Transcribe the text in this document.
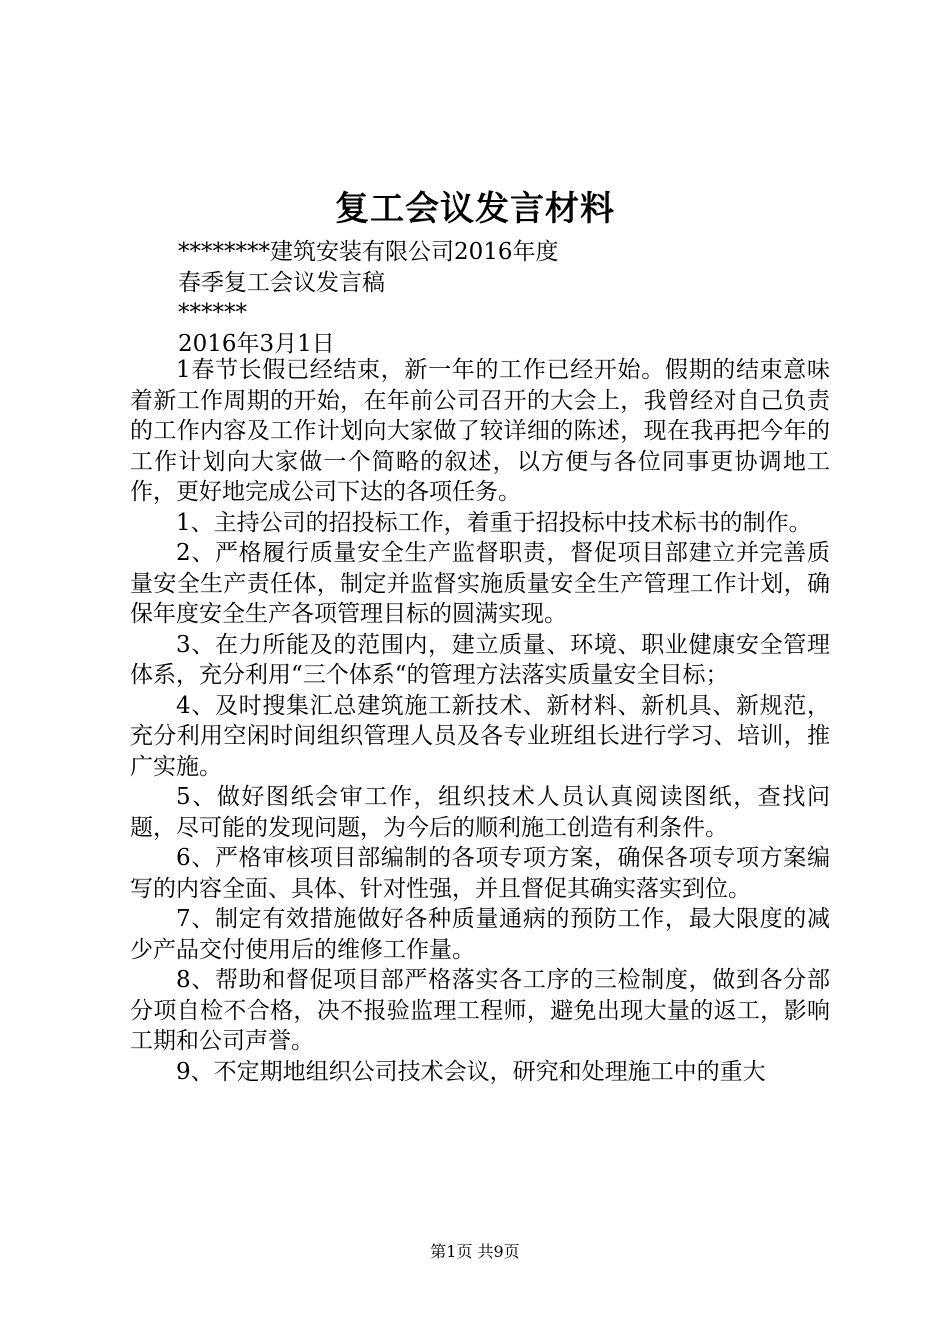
复工会议发言材料
********建筑安装有限公司2016年度
春季复工会议发言稿
******
2016年3月1日

1春节长假已经结束，新一年的工作已经开始。假期的结束意味着新工作周期的开始，在年前公司召开的大会上，我曾经对自己负责的工作内容及工作计划向大家做了较详细的陈述，现在我再把今年的工作计划向大家做一个简略的叙述，以方便与各位同事更协调地工作，更好地完成公司下达的各项任务。

1、主持公司的招投标工作，着重于招投标中技术标书的制作。

2、严格履行质量安全生产监督职责，督促项目部建立并完善质量安全生产责任体，制定并监督实施质量安全生产管理工作计划，确保年度安全生产各项管理目标的圆满实现。

3、在力所能及的范围内，建立质量、环境、职业健康安全管理体系，充分利用“三个体系“的管理方法落实质量安全目标；

4、及时搜集汇总建筑施工新技术、新材料、新机具、新规范，充分利用空闲时间组织管理人员及各专业班组长进行学习、培训，推广实施。

5、做好图纸会审工作，组织技术人员认真阅读图纸，查找问题，尽可能的发现问题，为今后的顺利施工创造有利条件。

6、严格审核项目部编制的各项专项方案，确保各项专项方案编写的内容全面、具体、针对性强，并且督促其确实落实到位。

7、制定有效措施做好各种质量通病的预防工作，最大限度的减少产品交付使用后的维修工作量。

8、帮助和督促项目部严格落实各工序的三检制度，做到各分部分项自检不合格，决不报验监理工程师，避免出现大量的返工，影响工期和公司声誉。

9、不定期地组织公司技术会议，研究和处理施工中的重大

第1页 共9页
